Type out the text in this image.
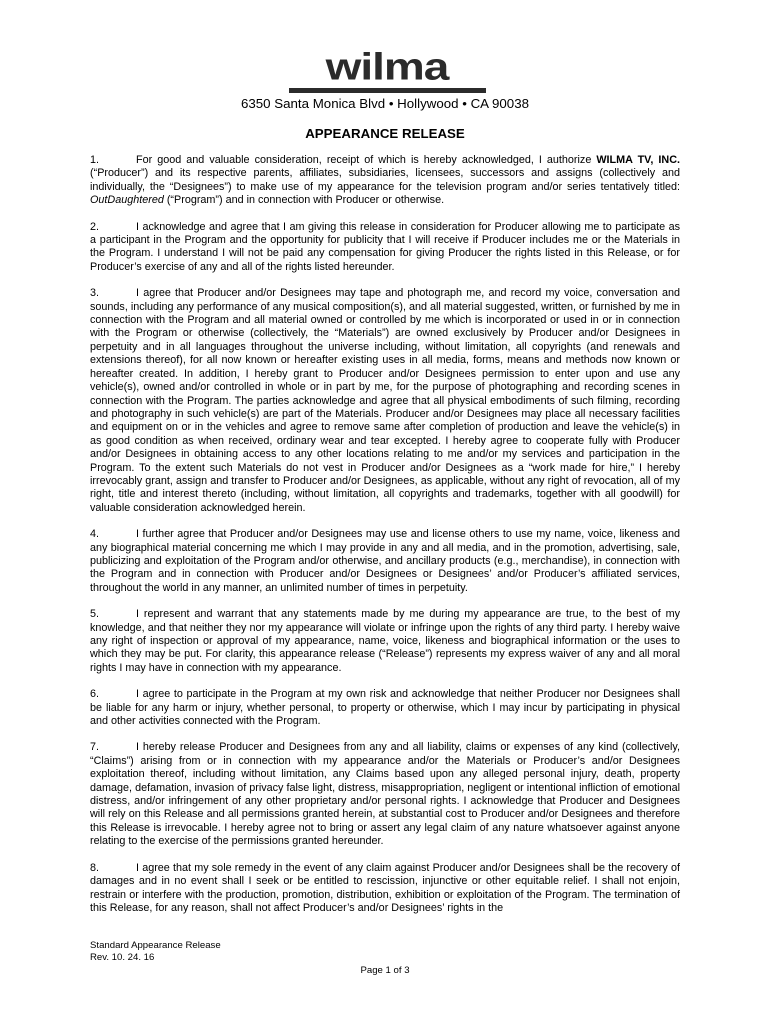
wilma
6350 Santa Monica Blvd • Hollywood • CA 90038
APPEARANCE RELEASE

1.	For good and valuable consideration, receipt of which is hereby acknowledged, I authorize WILMA TV, INC. (“Producer”) and its respective parents, affiliates, subsidiaries, licensees, successors and assigns (collectively and individually, the “Designees”) to make use of my appearance for the television program and/or series tentatively titled: OutDaughtered (“Program”) and in connection with Producer or otherwise.

2.	I acknowledge and agree that I am giving this release in consideration for Producer allowing me to participate as a participant in the Program and the opportunity for publicity that I will receive if Producer includes me or the Materials in the Program. I understand I will not be paid any compensation for giving Producer the rights listed in this Release, or for Producer’s exercise of any and all of the rights listed hereunder.

3.	I agree that Producer and/or Designees may tape and photograph me, and record my voice, conversation and sounds, including any performance of any musical composition(s), and all material suggested, written, or furnished by me in connection with the Program and all material owned or controlled by me which is incorporated or used in or in connection with the Program or otherwise (collectively, the “Materials”) are owned exclusively by Producer and/or Designees in perpetuity and in all languages throughout the universe including, without limitation, all copyrights (and renewals and extensions thereof), for all now known or hereafter existing uses in all media, forms, means and methods now known or hereafter created. In addition, I hereby grant to Producer and/or Designees permission to enter upon and use any vehicle(s), owned and/or controlled in whole or in part by me, for the purpose of photographing and recording scenes in connection with the Program. The parties acknowledge and agree that all physical embodiments of such filming, recording and photography in such vehicle(s) are part of the Materials. Producer and/or Designees may place all necessary facilities and equipment on or in the vehicles and agree to remove same after completion of production and leave the vehicle(s) in as good condition as when received, ordinary wear and tear excepted. I hereby agree to cooperate fully with Producer and/or Designees in obtaining access to any other locations relating to me and/or my services and participation in the Program. To the extent such Materials do not vest in Producer and/or Designees as a “work made for hire,” I hereby irrevocably grant, assign and transfer to Producer and/or Designees, as applicable, without any right of revocation, all of my right, title and interest thereto (including, without limitation, all copyrights and trademarks, together with all goodwill) for valuable consideration acknowledged herein.

4.	I further agree that Producer and/or Designees may use and license others to use my name, voice, likeness and any biographical material concerning me which I may provide in any and all media, and in the promotion, advertising, sale, publicizing and exploitation of the Program and/or otherwise, and ancillary products (e.g., merchandise), in connection with the Program and in connection with Producer and/or Designees or Designees’ and/or Producer’s affiliated services, throughout the world in any manner, an unlimited number of times in perpetuity.

5.	I represent and warrant that any statements made by me during my appearance are true, to the best of my knowledge, and that neither they nor my appearance will violate or infringe upon the rights of any third party. I hereby waive any right of inspection or approval of my appearance, name, voice, likeness and biographical information or the uses to which they may be put. For clarity, this appearance release (“Release”) represents my express waiver of any and all moral rights I may have in connection with my appearance.

6.	I agree to participate in the Program at my own risk and acknowledge that neither Producer nor Designees shall be liable for any harm or injury, whether personal, to property or otherwise, which I may incur by participating in physical and other activities connected with the Program.

7.	I hereby release Producer and Designees from any and all liability, claims or expenses of any kind (collectively, “Claims”) arising from or in connection with my appearance and/or the Materials or Producer’s and/or Designees exploitation thereof, including without limitation, any Claims based upon any alleged personal injury, death, property damage, defamation, invasion of privacy false light, distress, misappropriation, negligent or intentional infliction of emotional distress, and/or infringement of any other proprietary and/or personal rights. I acknowledge that Producer and Designees will rely on this Release and all permissions granted herein, at substantial cost to Producer and/or Designees and therefore this Release is irrevocable. I hereby agree not to bring or assert any legal claim of any nature whatsoever against anyone relating to the exercise of the permissions granted hereunder.

8.	I agree that my sole remedy in the event of any claim against Producer and/or Designees shall be the recovery of damages and in no event shall I seek or be entitled to rescission, injunctive or other equitable relief. I shall not enjoin, restrain or interfere with the production, promotion, distribution, exhibition or exploitation of the Program. The termination of this Release, for any reason, shall not affect Producer’s and/or Designees’ rights in the

Standard Appearance Release
Rev. 10. 24. 16
Page 1 of 3
